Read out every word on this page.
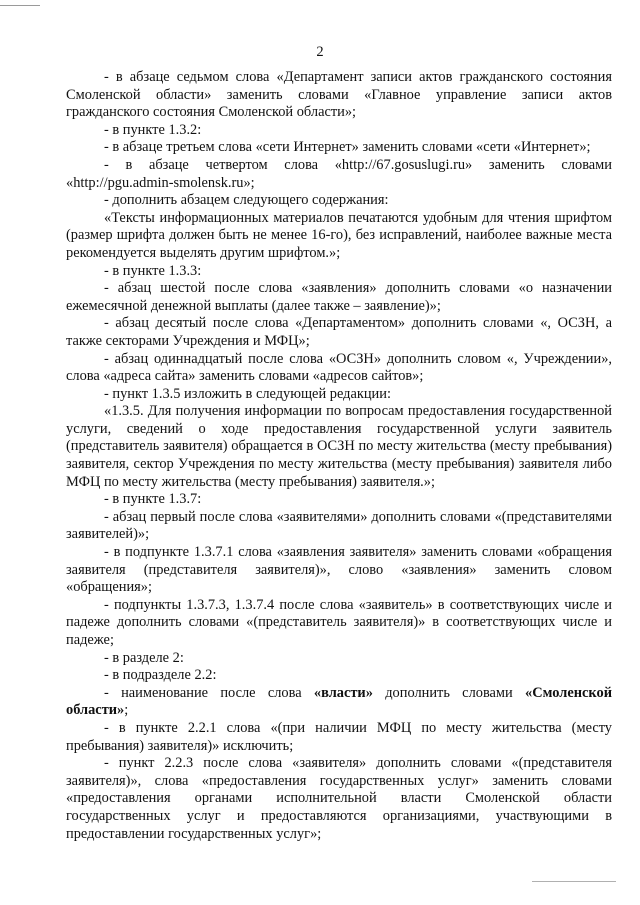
2

- в абзаце седьмом слова «Департамент записи актов гражданского состояния Смоленской области» заменить словами «Главное управление записи актов гражданского состояния Смоленской области»;

- в пункте 1.3.2:

- в абзаце третьем слова «сети Интернет» заменить словами «сети «Интернет»;

- в абзаце четвертом слова «http://67.gosuslugi.ru» заменить словами «http://pgu.admin-smolensk.ru»;

- дополнить абзацем следующего содержания:

«Тексты информационных материалов печатаются удобным для чтения шрифтом (размер шрифта должен быть не менее 16-го), без исправлений, наиболее важные места рекомендуется выделять другим шрифтом.»;

- в пункте 1.3.3:

- абзац шестой после слова «заявления» дополнить словами «о назначении ежемесячной денежной выплаты (далее также – заявление)»;

- абзац десятый после слова «Департаментом» дополнить словами «, ОСЗН, а также секторами Учреждения и МФЦ»;

- абзац одиннадцатый после слова «ОСЗН» дополнить словом «, Учреждении», слова «адреса сайта» заменить словами «адресов сайтов»;

- пункт 1.3.5 изложить в следующей редакции:

«1.3.5. Для получения информации по вопросам предоставления государственной услуги, сведений о ходе предоставления государственной услуги заявитель (представитель заявителя) обращается в ОСЗН по месту жительства (месту пребывания) заявителя, сектор Учреждения по месту жительства (месту пребывания) заявителя либо МФЦ по месту жительства (месту пребывания) заявителя.»;

- в пункте 1.3.7:

- абзац первый после слова «заявителями» дополнить словами «(представителями заявителей)»;

- в подпункте 1.3.7.1 слова «заявления заявителя» заменить словами «обращения заявителя (представителя заявителя)», слово «заявления» заменить словом «обращения»;

- подпункты 1.3.7.3, 1.3.7.4 после слова «заявитель» в соответствующих числе и падеже дополнить словами «(представитель заявителя)» в соответствующих числе и падеже;

- в разделе 2:

- в подразделе 2.2:

- наименование после слова «власти» дополнить словами «Смоленской области»;

- в пункте 2.2.1 слова «(при наличии МФЦ по месту жительства (месту пребывания) заявителя)» исключить;

- пункт 2.2.3 после слова «заявителя» дополнить словами «(представителя заявителя)», слова «предоставления государственных услуг» заменить словами «предоставления органами исполнительной власти Смоленской области государственных услуг и предоставляются организациями, участвующими в предоставлении государственных услуг»;
